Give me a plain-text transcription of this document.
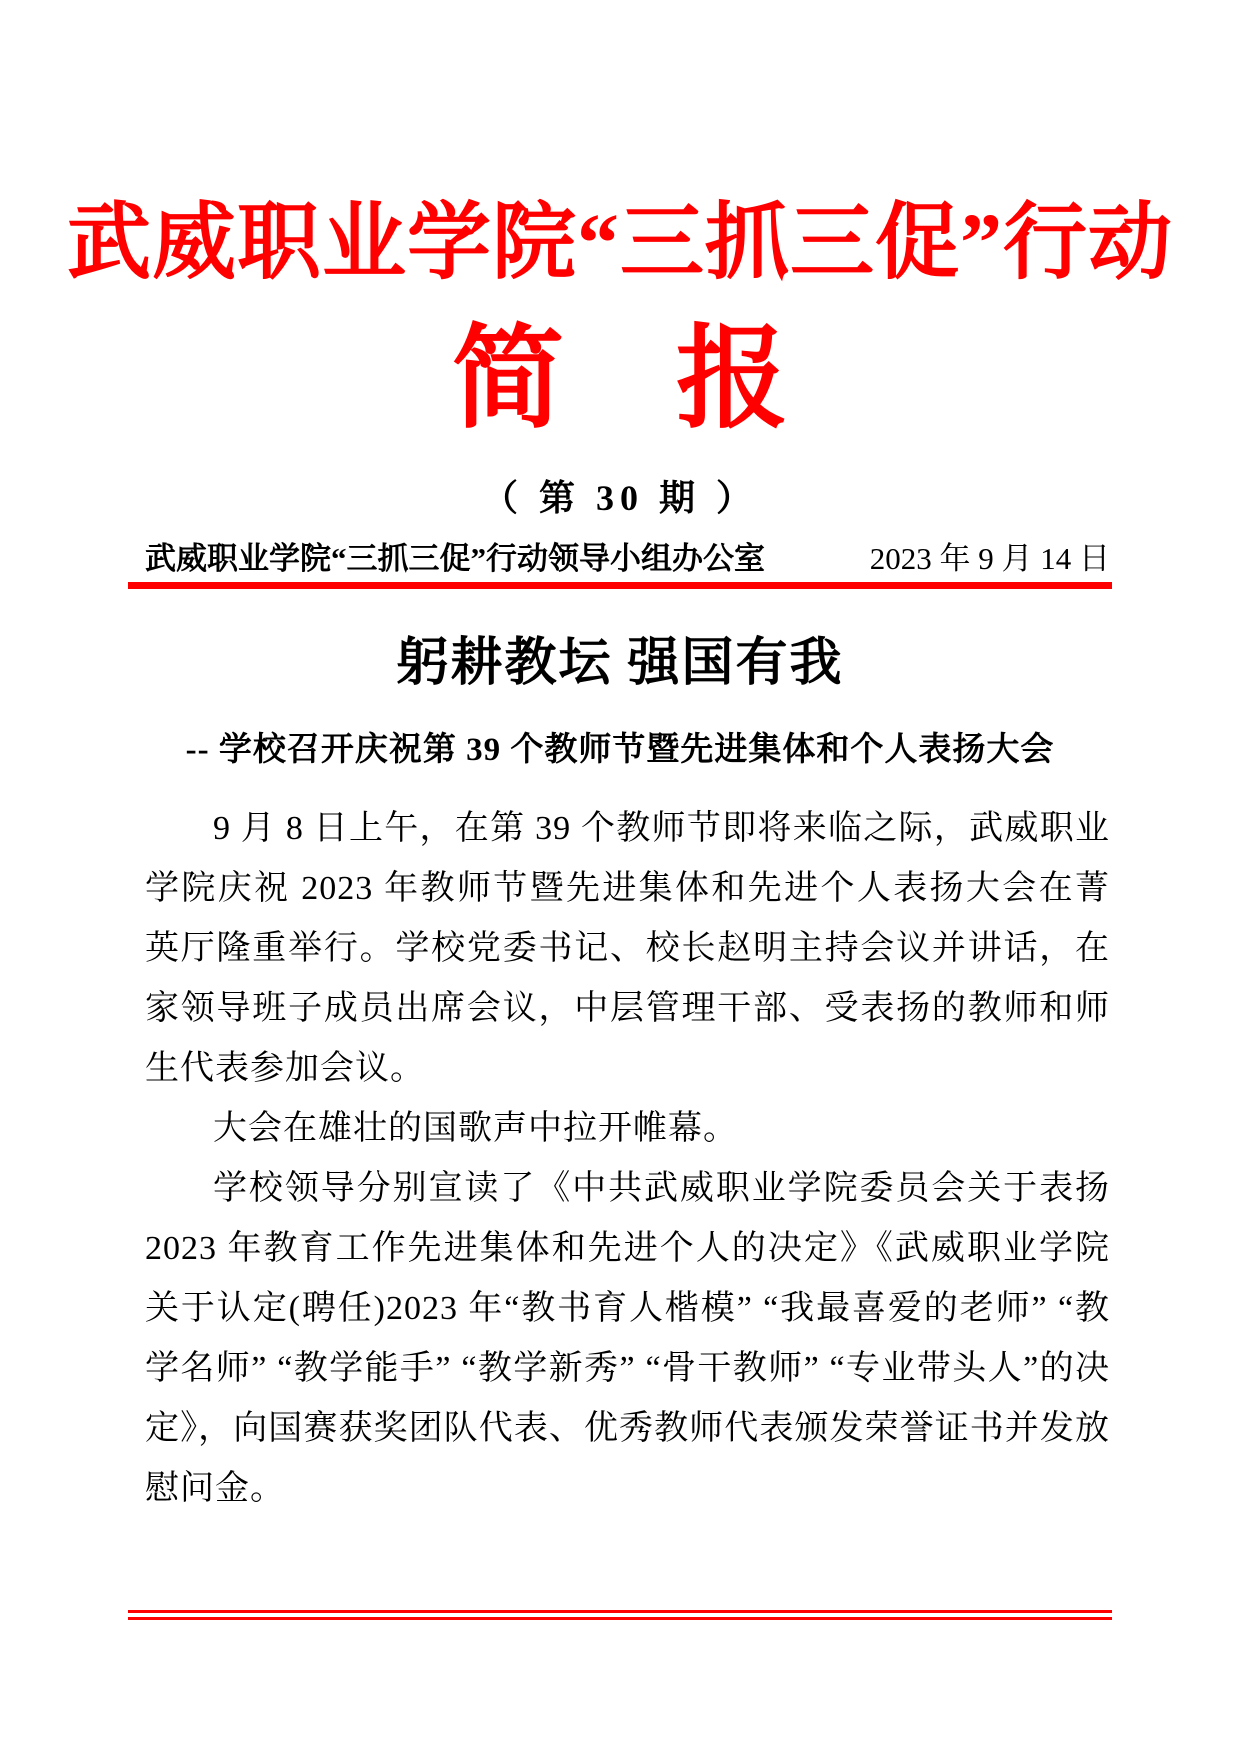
武威职业学院“三抓三促”行动
简　报
（ 第 30 期 ）
武威职业学院“三抓三促”行动领导小组办公室	2023 年 9 月 14 日
躬耕教坛 强国有我
-- 学校召开庆祝第 39 个教师节暨先进集体和个人表扬大会

9 月 8 日上午，在第 39 个教师节即将来临之际，武威职业学院庆祝 2023 年教师节暨先进集体和先进个人表扬大会在菁英厅隆重举行。学校党委书记、校长赵明主持会议并讲话，在家领导班子成员出席会议，中层管理干部、受表扬的教师和师生代表参加会议。

大会在雄壮的国歌声中拉开帷幕。

学校领导分别宣读了《中共武威职业学院委员会关于表扬 2023 年教育工作先进集体和先进个人的决定》《武威职业学院关于认定(聘任)2023 年“教书育人楷模” “我最喜爱的老师” “教学名师” “教学能手” “教学新秀” “骨干教师” “专业带头人”的决定》，向国赛获奖团队代表、优秀教师代表颁发荣誉证书并发放慰问金。
